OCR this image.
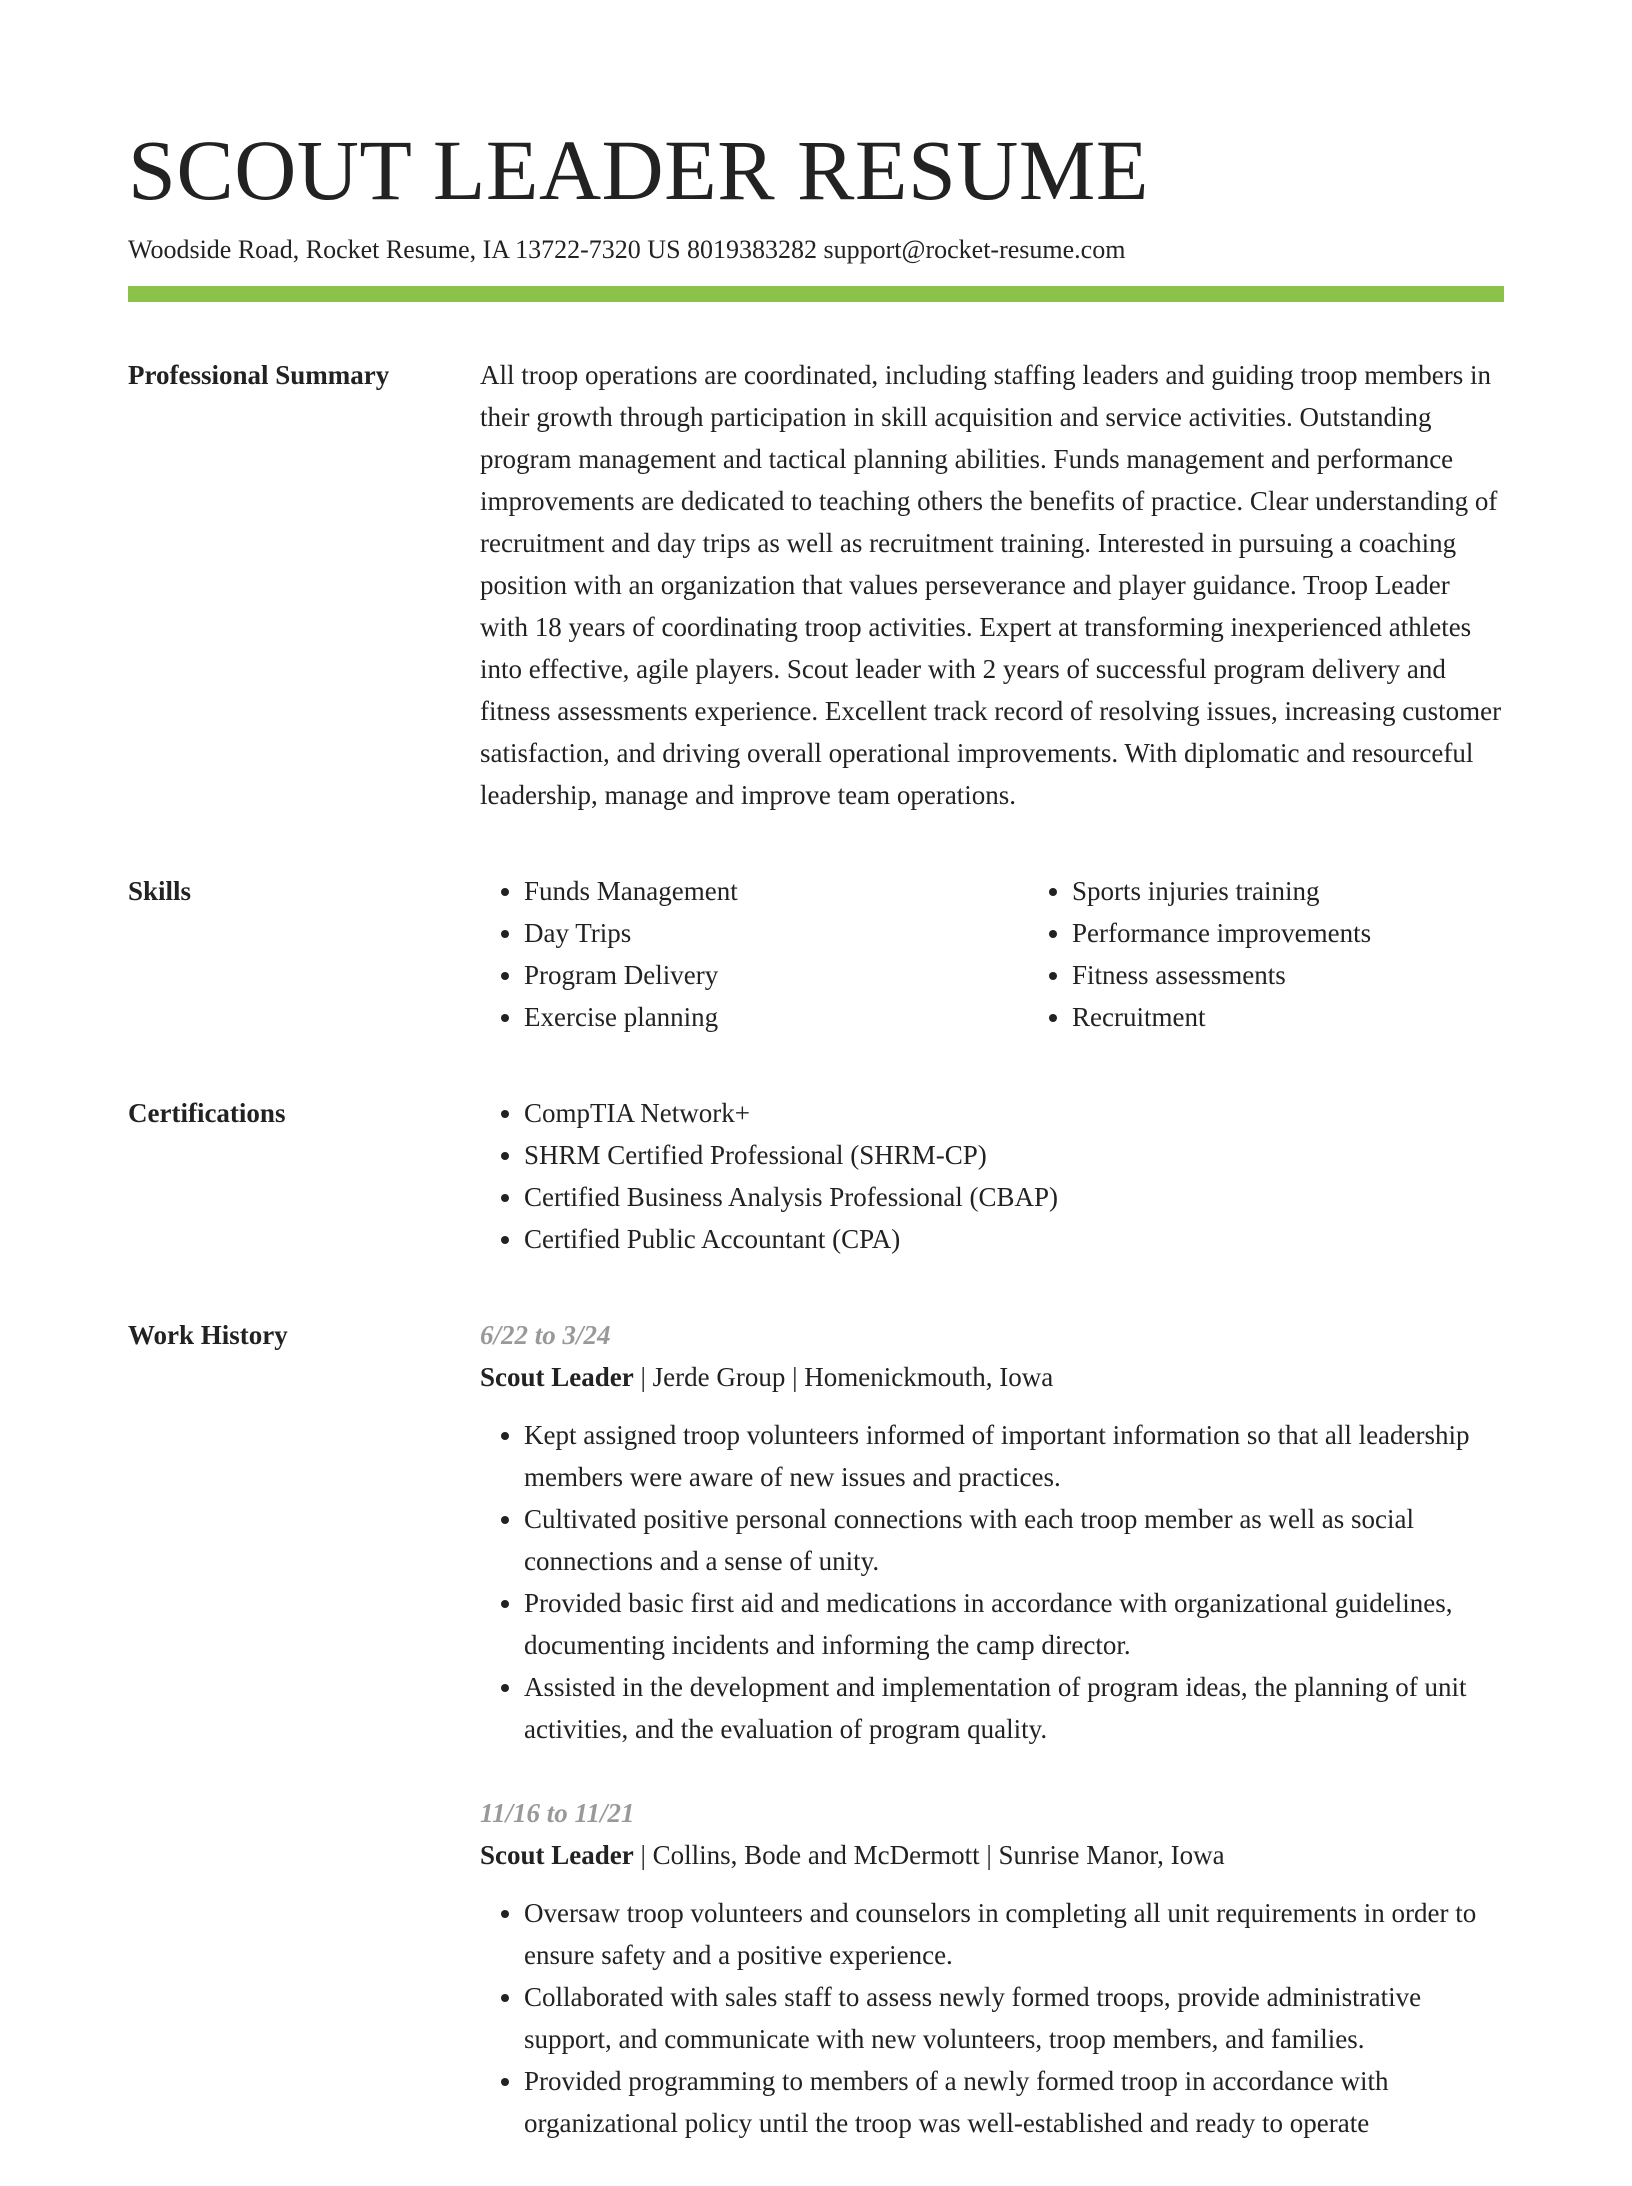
SCOUT LEADER RESUME
Woodside Road, Rocket Resume, IA 13722-7320 US 8019383282 support@rocket-resume.com
Professional Summary	All troop operations are coordinated, including staffing leaders and guiding troop members in their growth through participation in skill acquisition and service activities. Outstanding program management and tactical planning abilities. Funds management and performance improvements are dedicated to teaching others the benefits of practice. Clear understanding of recruitment and day trips as well as recruitment training. Interested in pursuing a coaching position with an organization that values perseverance and player guidance. Troop Leader with 18 years of coordinating troop activities. Expert at transforming inexperienced athletes into effective, agile players. Scout leader with 2 years of successful program delivery and fitness assessments experience. Excellent track record of resolving issues, increasing customer satisfaction, and driving overall operational improvements. With diplomatic and resourceful leadership, manage and improve team operations.

Skills	• Funds Management
• Day Trips
• Program Delivery
• Exercise planning
• Sports injuries training
• Performance improvements
• Fitness assessments
• Recruitment
Certifications	• CompTIA Network+
• SHRM Certified Professional (SHRM-CP)
• Certified Business Analysis Professional (CBAP)
• Certified Public Accountant (CPA)
Work History	6/22 to 3/24
Scout Leader | Jerde Group | Homenickmouth, Iowa
• Kept assigned troop volunteers informed of important information so that all leadership members were aware of new issues and practices.
• Cultivated positive personal connections with each troop member as well as social connections and a sense of unity.
• Provided basic first aid and medications in accordance with organizational guidelines, documenting incidents and informing the camp director.
• Assisted in the development and implementation of program ideas, the planning of unit activities, and the evaluation of program quality.
11/16 to 11/21
Scout Leader | Collins, Bode and McDermott | Sunrise Manor, Iowa
• Oversaw troop volunteers and counselors in completing all unit requirements in order to ensure safety and a positive experience.
• Collaborated with sales staff to assess newly formed troops, provide administrative support, and communicate with new volunteers, troop members, and families.
• Provided programming to members of a newly formed troop in accordance with organizational policy until the troop was well-established and ready to operate
